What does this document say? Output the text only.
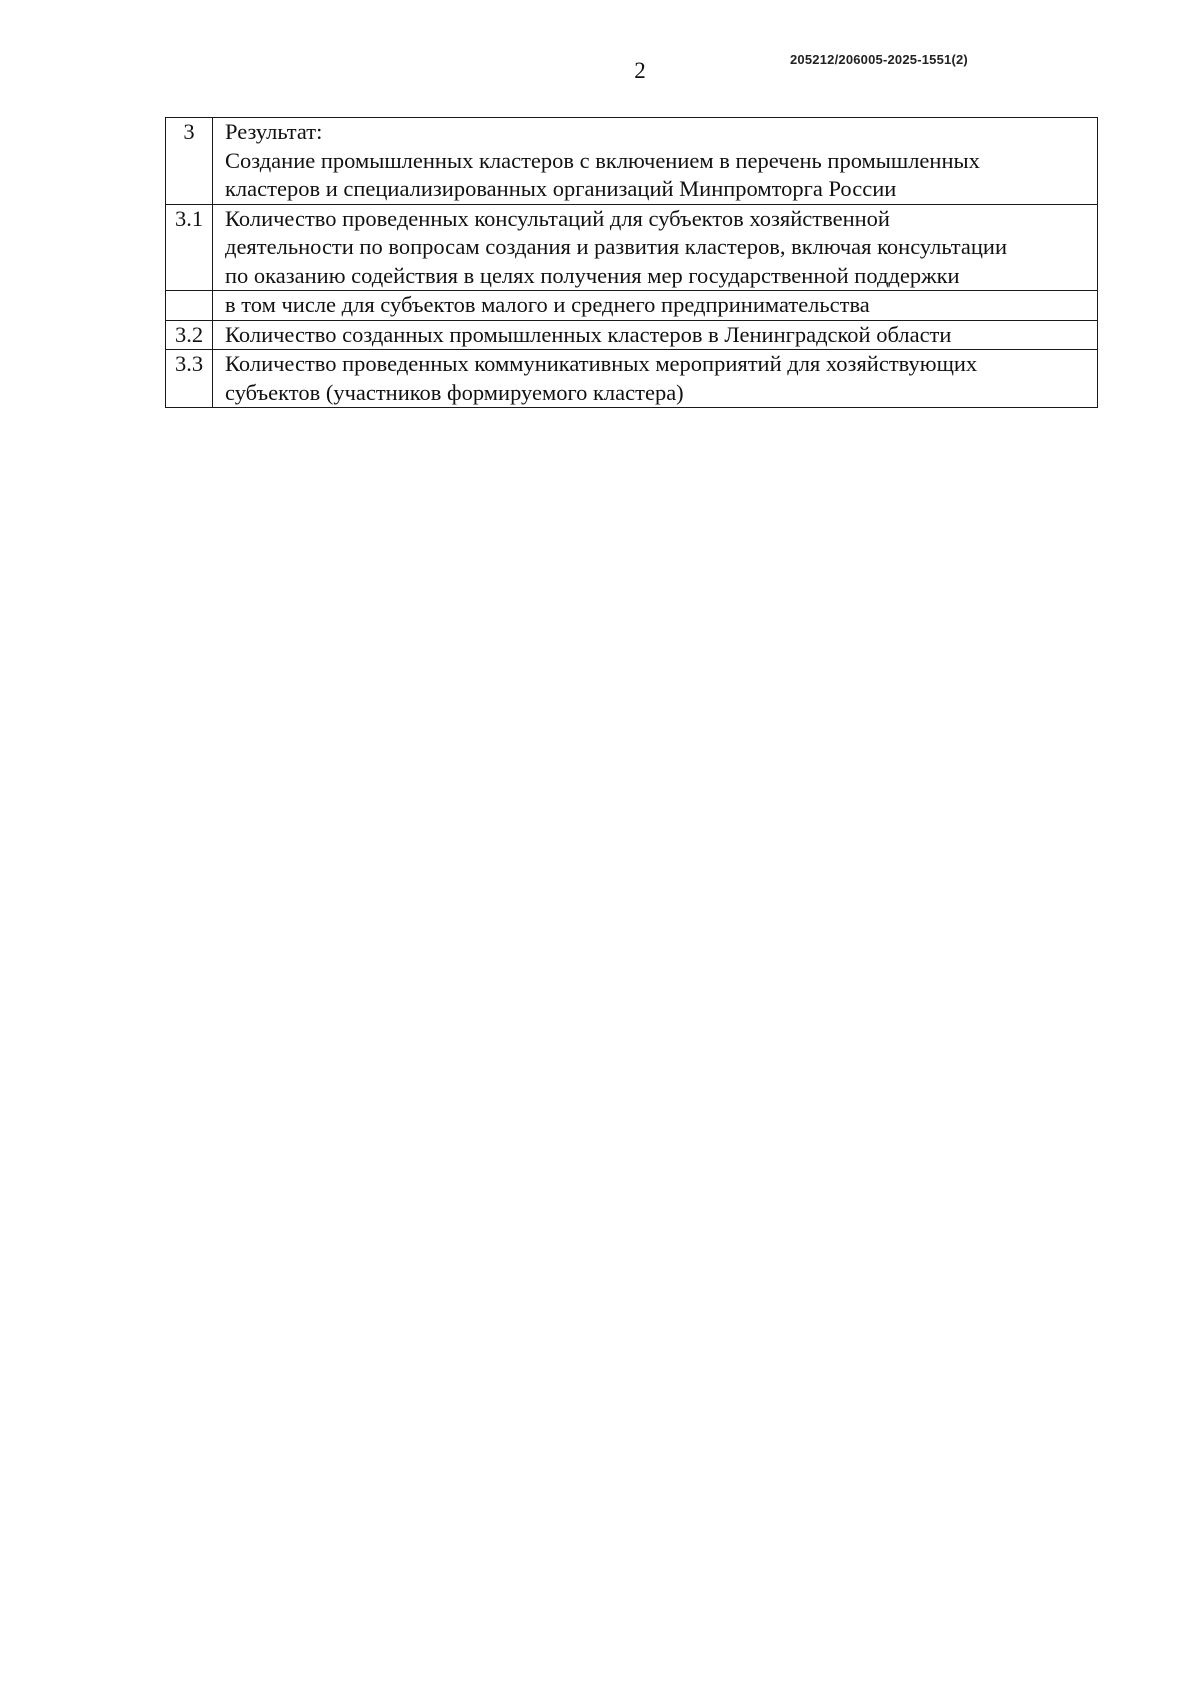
2	205212/206005-2025-1551(2)
3	Результат:
Создание промышленных кластеров с включением в перечень промышленных
кластеров и специализированных организаций Минпромторга России

3.1	Количество проведенных консультаций для субъектов хозяйственной
деятельности по вопросам создания и развития кластеров, включая консультации
по оказанию содействия в целях получения мер государственной поддержки

	в том числе для субъектов малого и среднего предпринимательства

3.2	Количество созданных промышленных кластеров в Ленинградской области

3.3	Количество проведенных коммуникативных мероприятий для хозяйствующих
субъектов (участников формируемого кластера)
